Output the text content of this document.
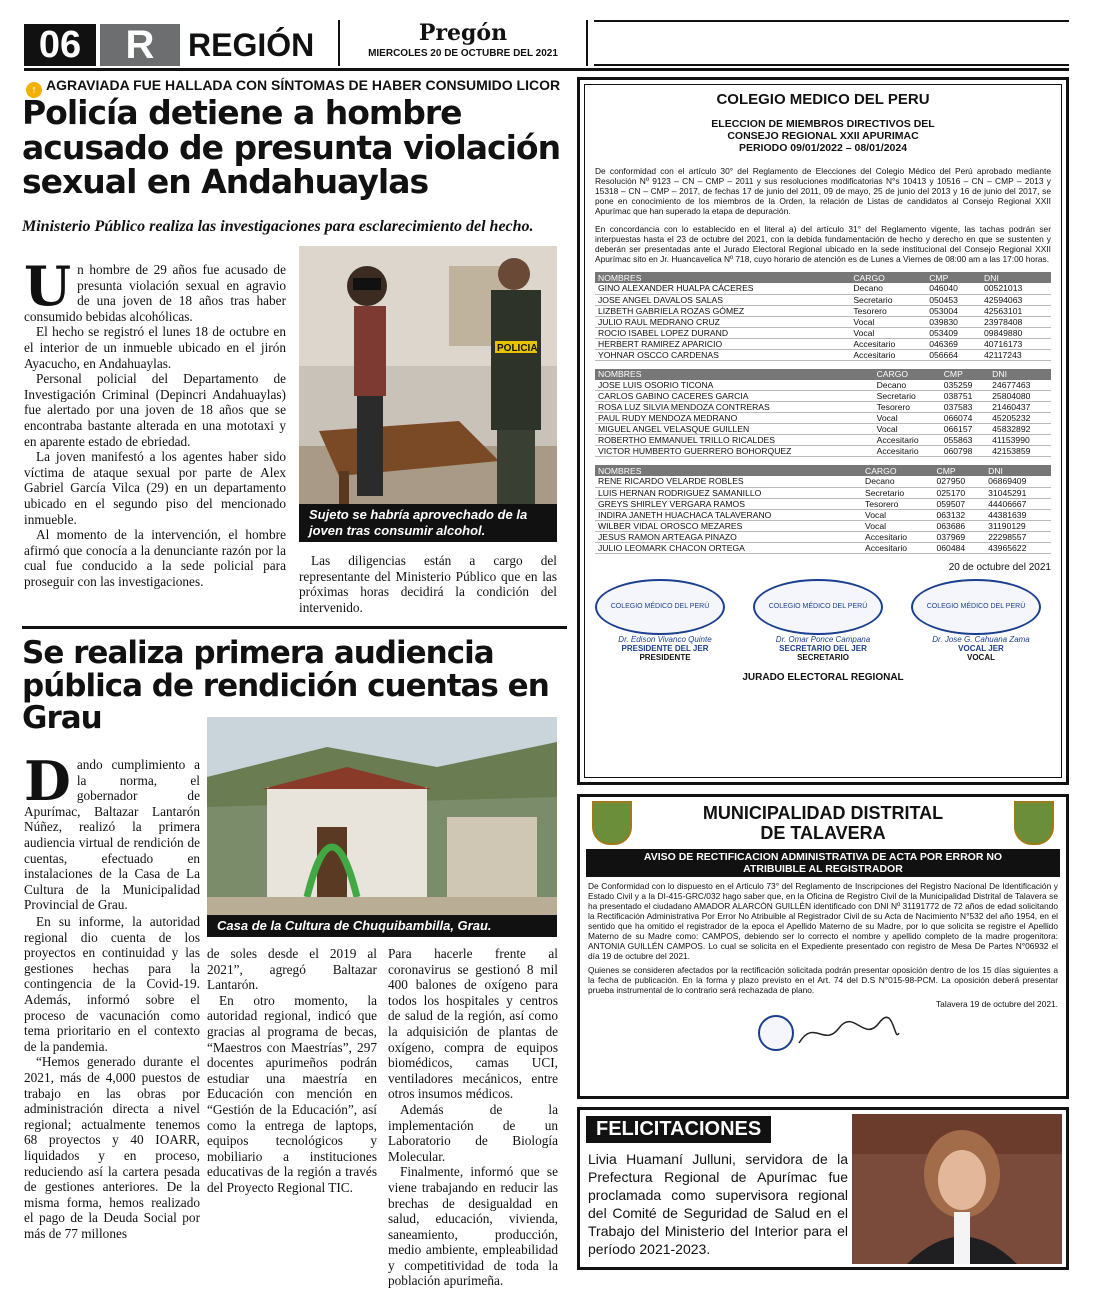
06	R	REGIÓN	Pregón
MIERCOLES 20 DE OCTUBRE DEL 2021
↑ AGRAVIADA FUE HALLADA CON SÍNTOMAS DE HABER CONSUMIDO LICOR
Policía detiene a hombre acusado de presunta violación sexual en Andahuaylas
Ministerio Público realiza las investigaciones para esclarecimiento del hecho.
U n hombre de 29 años fue acusado de presunta violación sexual en agravio de una joven de 18 años tras haber consumido bebidas alcohólicas.

El hecho se registró el lunes 18 de octubre en el interior de un inmueble ubicado en el jirón Ayacucho, en Andahuaylas.

Personal policial del Departamento de Investigación Criminal (Depincri Andahuaylas) fue alertado por una joven de 18 años que se encontraba bastante alterada en una mototaxi y en aparente estado de ebriedad.

La joven manifestó a los agentes haber sido víctima de ataque sexual por parte de Alex Gabriel García Vilca (29) en un departamento ubicado en el segundo piso del mencionado inmueble.

Al momento de la intervención, el hombre afirmó que conocía a la denunciante razón por la cual fue conducido a la sede policial para proseguir con las investigaciones.

POLICIA
Sujeto se habría aprovechado de la joven tras consumir alcohol.

Las diligencias están a cargo del representante del Ministerio Público que en las próximas horas decidirá la condición del intervenido.

Se realiza primera audiencia pública de rendición cuentas en Grau
Casa de la Cultura de Chuquibambilla, Grau.
D ando cumplimiento a la norma, el gobernador de Apurímac, Baltazar Lantarón Núñez, realizó la primera audiencia virtual de rendición de cuentas, efectuado en instalaciones de la Casa de La Cultura de la Municipalidad Provincial de Grau.

En su informe, la autoridad regional dio cuenta de los proyectos en continuidad y las gestiones hechas para la contingencia de la Covid-19. Además, informó sobre el proceso de vacunación como tema prioritario en el contexto de la pandemia.

“Hemos generado durante el 2021, más de 4,000 puestos de trabajo en las obras por administración directa a nivel regional; actualmente tenemos 68 proyectos y 40 IOARR, liquidados y en proceso, reduciendo así la cartera pesada de gestiones anteriores. De la misma forma, hemos realizado el pago de la Deuda Social por más de 77 millones

de soles desde el 2019 al 2021”, agregó Baltazar Lantarón.

En otro momento, la autoridad regional, indicó que gracias al programa de becas, “Maestros con Maestrías”, 297 docentes apurimeños podrán estudiar una maestría en Educación con mención en “Gestión de la Educación”, así como la entrega de laptops, equipos tecnológicos y mobiliario a instituciones educativas de la región a través del Proyecto Regional TIC.

Para hacerle frente al coronavirus se gestionó 8 mil 400 balones de oxígeno para todos los hospitales y centros de salud de la región, así como la adquisición de plantas de oxígeno, compra de equipos biomédicos, camas UCI, ventiladores mecánicos, entre otros insumos médicos.

Además de la implementación de un Laboratorio de Biología Molecular.

Finalmente, informó que se viene trabajando en reducir las brechas de desigualdad en salud, educación, vivienda, saneamiento, producción, medio ambiente, empleabilidad y competitividad de toda la población apurimeña.

COLEGIO MEDICO DEL PERU
ELECCION DE MIEMBROS DIRECTIVOS DEL
CONSEJO REGIONAL XXII APURIMAC
PERIODO 09/01/2022 – 08/01/2024

De conformidad con el artículo 30° del Reglamento de Elecciones del Colegio Médico del Perú aprobado mediante Resolución Nº 9123 – CN – CMP – 2011 y sus resoluciones modificatorias N°s 10413 y 10516 – CN – CMP – 2013 y 15318 – CN – CMP – 2017, de fechas 17 de junio del 2011, 09 de mayo, 25 de junio del 2013 y 16 de junio del 2017, se pone en conocimiento de los miembros de la Orden, la relación de Listas de candidatos al Consejo Regional XXII Apurímac que han superado la etapa de depuración.

En concordancia con lo establecido en el literal a) del artículo 31° del Reglamento vigente, las tachas podrán ser interpuestas hasta el 23 de octubre del 2021, con la debida fundamentación de hecho y derecho en que se sustenten y deberán ser presentadas ante el Jurado Electoral Regional ubicado en la sede institucional del Consejo Regional XXII Apurímac sito en Jr. Huancavelica Nº 718, cuyo horario de atención es de Lunes a Viernes de 08:00 am a las 17:00 horas.

NOMBRES	CARGO	CMP	DNI
GINO ALEXANDER HUALPA CÁCERES	Decano	046040	00521013
JOSE ANGEL DAVALOS SALAS	Secretario	050453	42594063
LIZBETH GABRIELA ROZAS GÓMEZ	Tesorero	053004	42563101
JULIO RAUL MEDRANO CRUZ	Vocal	039830	23978408
ROCIO ISABEL LOPEZ DURAND	Vocal	053409	09849880
HERBERT RAMIREZ APARICIO	Accesitario	046369	40716173
YOHNAR OSCCO CARDENAS	Accesitario	056664	42117243
NOMBRES	CARGO	CMP	DNI
JOSE LUIS OSORIO TICONA	Decano	035259	24677463
CARLOS GABINO CACERES GARCIA	Secretario	038751	25804080
ROSA LUZ SILVIA MENDOZA CONTRERAS	Tesorero	037583	21460437
PAUL RUDY MENDOZA MEDRANO	Vocal	066074	45205232
MIGUEL ANGEL VELASQUE GUILLEN	Vocal	066157	45832892
ROBERTHO EMMANUEL TRILLO RICALDES	Accesitario	055863	41153990
VICTOR HUMBERTO GUERRERO BOHORQUEZ	Accesitario	060798	42153859
NOMBRES	CARGO	CMP	DNI
RENE RICARDO VELARDE ROBLES	Decano	027950	06869409
LUIS HERNAN RODRIGUEZ SAMANILLO	Secretario	025170	31045291
GREYS SHIRLEY VERGARA RAMOS	Tesorero	059507	44406667
INDIRA JANETH HUACHACA TALAVERANO	Vocal	063132	44381639
WILBER VIDAL OROSCO MEZARES	Vocal	063686	31190129
JESUS RAMON ARTEAGA PINAZO	Accesitario	037969	22298557
JULIO LEOMARK CHACON ORTEGA	Accesitario	060484	43965622
20 de octubre del 2021
COLEGIO MÉDICO DEL PERÚ
Dr. Edison Vivanco Quinte
PRESIDENTE DEL JER
PRESIDENTE
COLEGIO MÉDICO DEL PERÚ
Dr. Omar Ponce Campana
SECRETARIO DEL JER
SECRETARIO
COLEGIO MÉDICO DEL PERÚ
Dr. Jose G. Cahuana Zama
VOCAL JER
VOCAL
JURADO ELECTORAL REGIONAL
MUNICIPALIDAD DISTRITAL
DE TALAVERA
AVISO DE RECTIFICACION ADMINISTRATIVA DE ACTA POR ERROR NO ATRIBUIBLE AL REGISTRADOR

De Conformidad con lo dispuesto en el Articulo 73° del Reglamento de Inscripciones del Registro Nacional De Identificación y Estado Civil y a la DI-415-GRC/032 hago saber que, en la Oficina de Registro Civil de la Municipalidad Distrital de Talavera se ha presentado el ciudadano AMADOR ALARCÓN GUILLÉN identificado con DNI Nº 31191772 de 72 años de edad solicitando la Rectificación Administrativa Por Error No Atribuible al Registrador Civil de su Acta de Nacimiento N°532 del año 1954, en el sentido que ha omitido el registrador de la epoca el Apellido Materno de su Madre, por lo que solicita se registre el Apellido Materno de su Madre como: CAMPOS, debiendo ser lo correcto el nombre y apellido completo de la madre progenitora: ANTONIA GUILLÉN CAMPOS. Lo cual se solicita en el Expediente presentado con registro de Mesa De Partes N°06932 el día 19 de octubre del 2021.

Quienes se consideren afectados por la rectificación solicitada podrán presentar oposición dentro de los 15 días siguientes a la fecha de publicación. En la forma y plazo previsto en el Art. 74 del D.S N°015-98-PCM. La oposición deberá presentar prueba instrumental de lo contrario será rechazada de plano.

Talavera 19 de octubre del 2021.
FELICITACIONES
Livia Huamaní Julluni, servidora de la Prefectura Regional de Apurímac fue proclamada como supervisora regional del Comité de Seguridad de Salud en el Trabajo del Ministerio del Interior para el período 2021-2023.
